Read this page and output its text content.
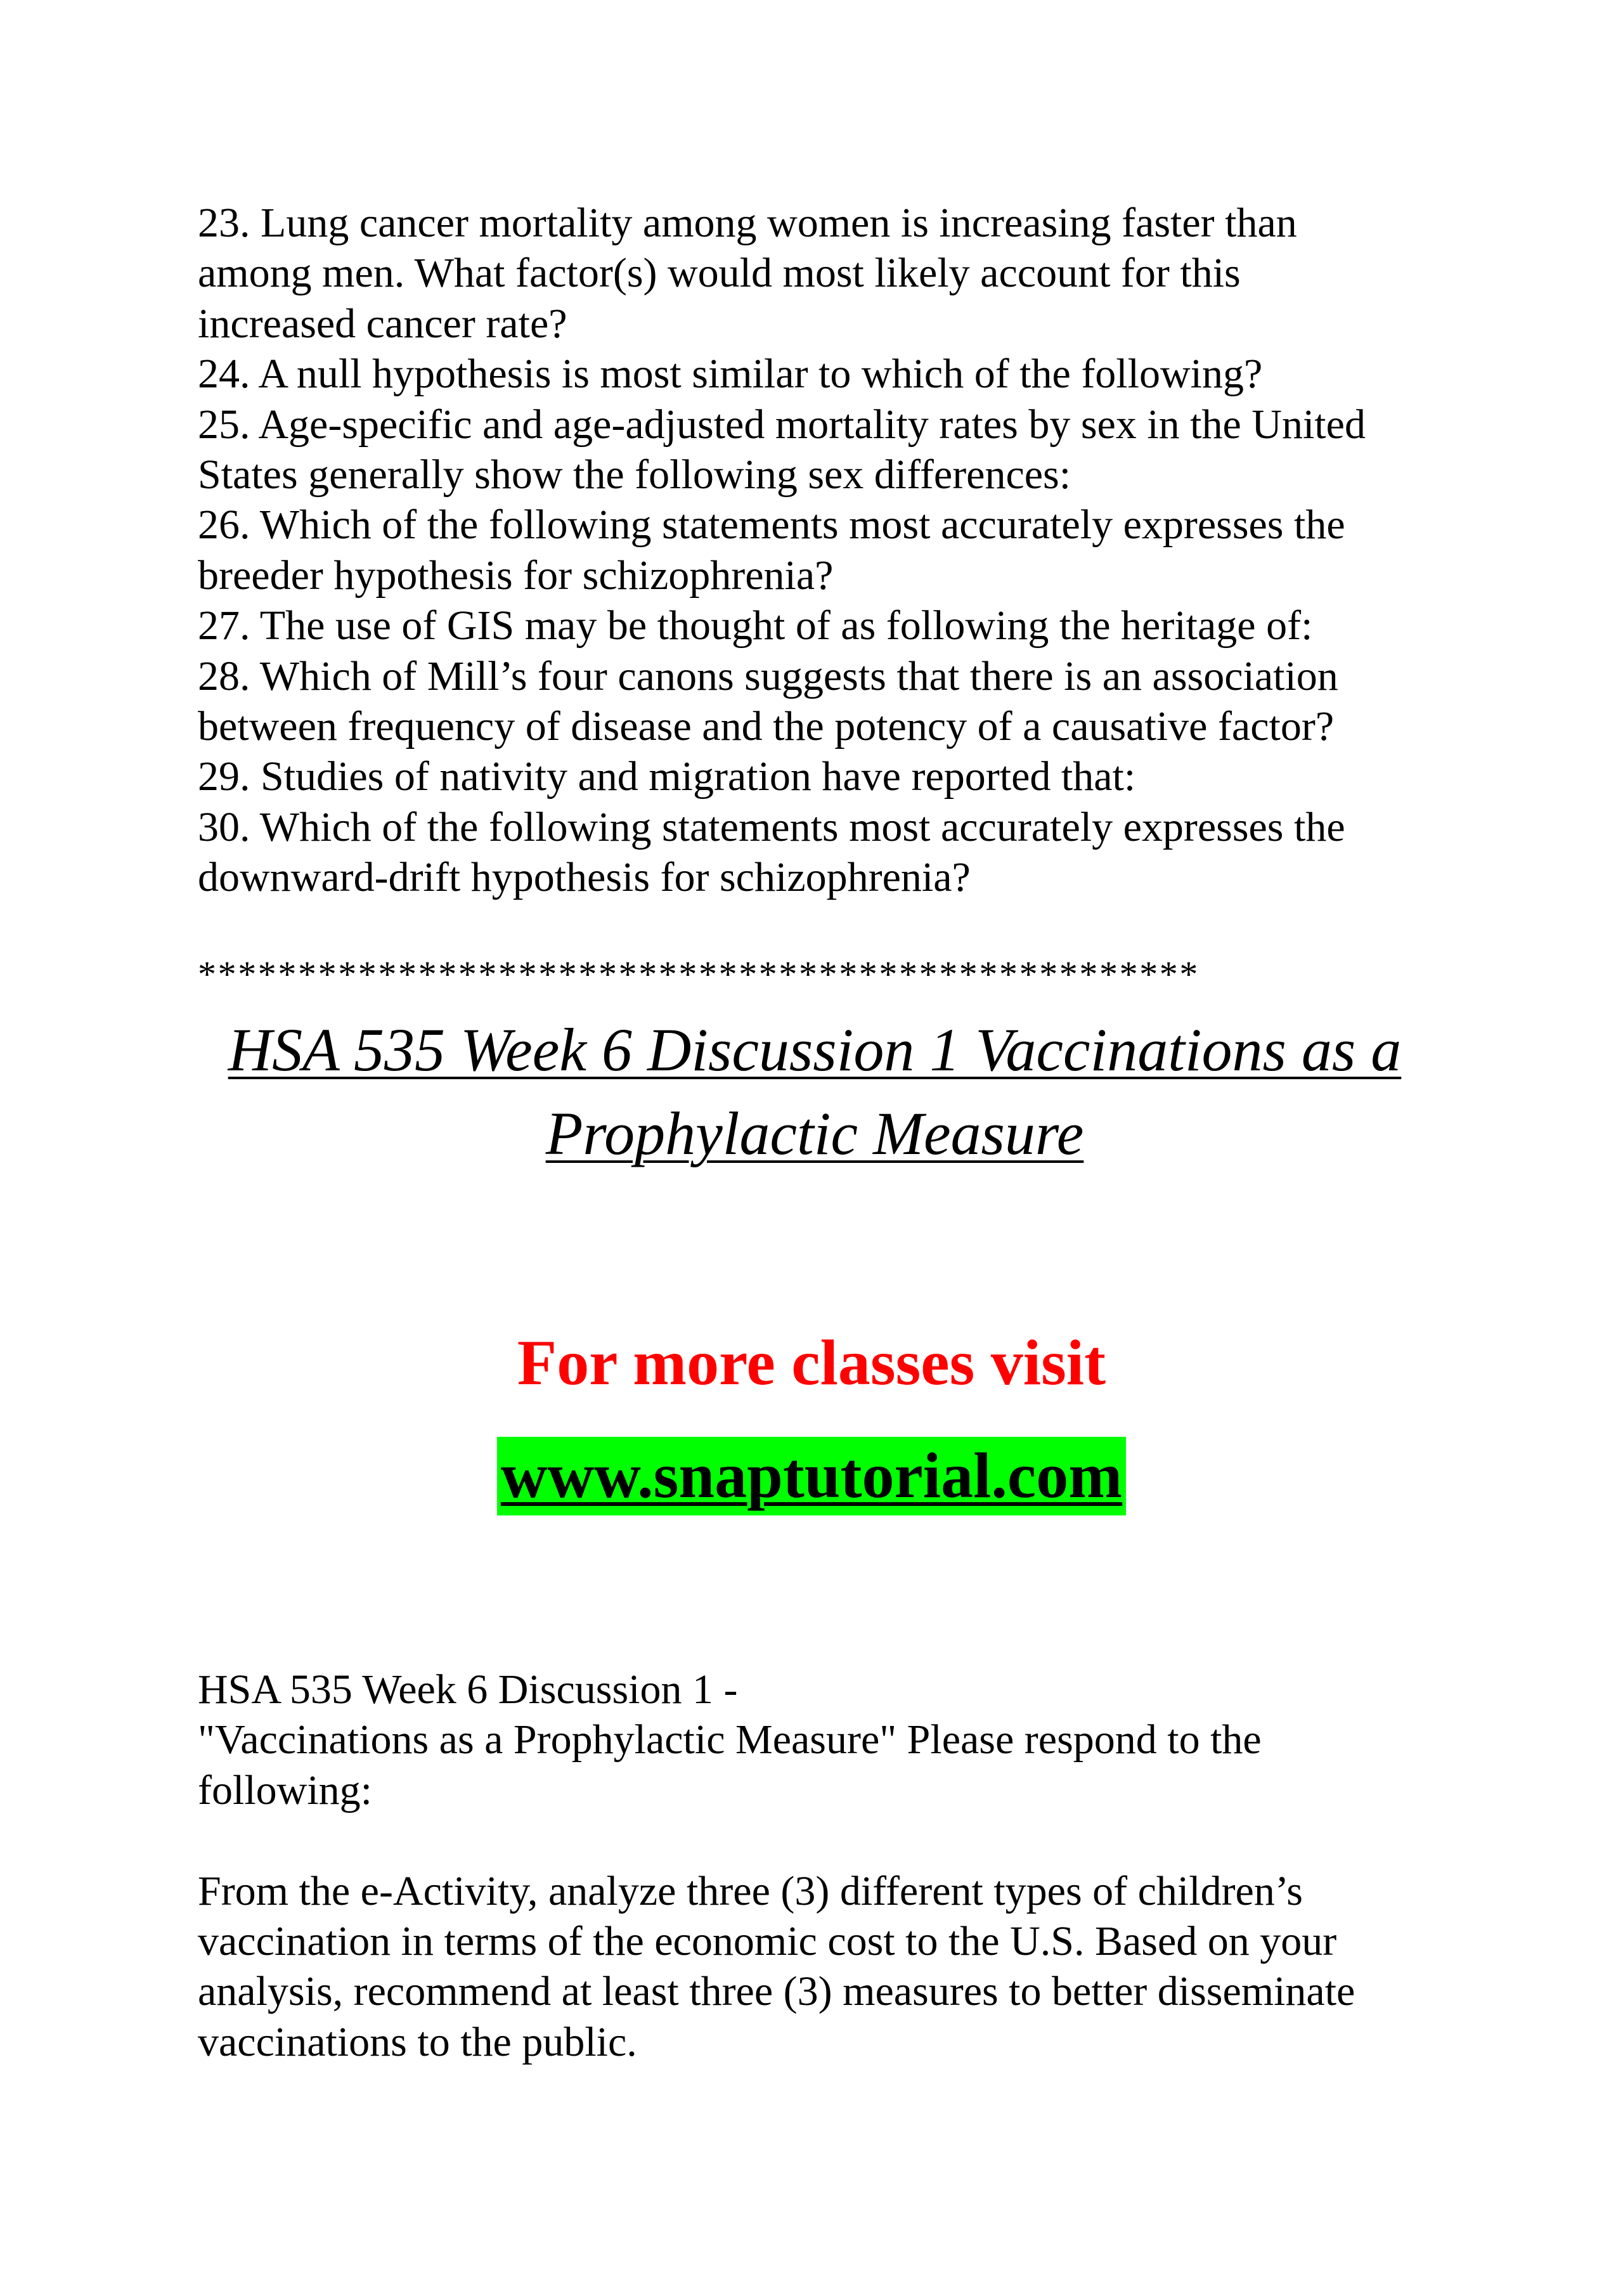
23. Lung cancer mortality among women is increasing faster than

among men. What factor(s) would most likely account for this

increased cancer rate?

24. A null hypothesis is most similar to which of the following?

25. Age-specific and age-adjusted mortality rates by sex in the United

States generally show the following sex differences:

26. Which of the following statements most accurately expresses the

breeder hypothesis for schizophrenia?

27. The use of GIS may be thought of as following the heritage of:

28. Which of Mill’s four canons suggests that there is an association

between frequency of disease and the potency of a causative factor?

29. Studies of nativity and migration have reported that:

30. Which of the following statements most accurately expresses the

downward-drift hypothesis for schizophrenia?

**************************************************
HSA 535 Week 6 Discussion 1 Vaccinations as a
Prophylactic Measure
For more classes visit
www.snaptutorial.com

HSA 535 Week 6 Discussion 1 -

"Vaccinations as a Prophylactic Measure" Please respond to the

following:

From the e-Activity, analyze three (3) different types of children’s

vaccination in terms of the economic cost to the U.S. Based on your

analysis, recommend at least three (3) measures to better disseminate

vaccinations to the public.
